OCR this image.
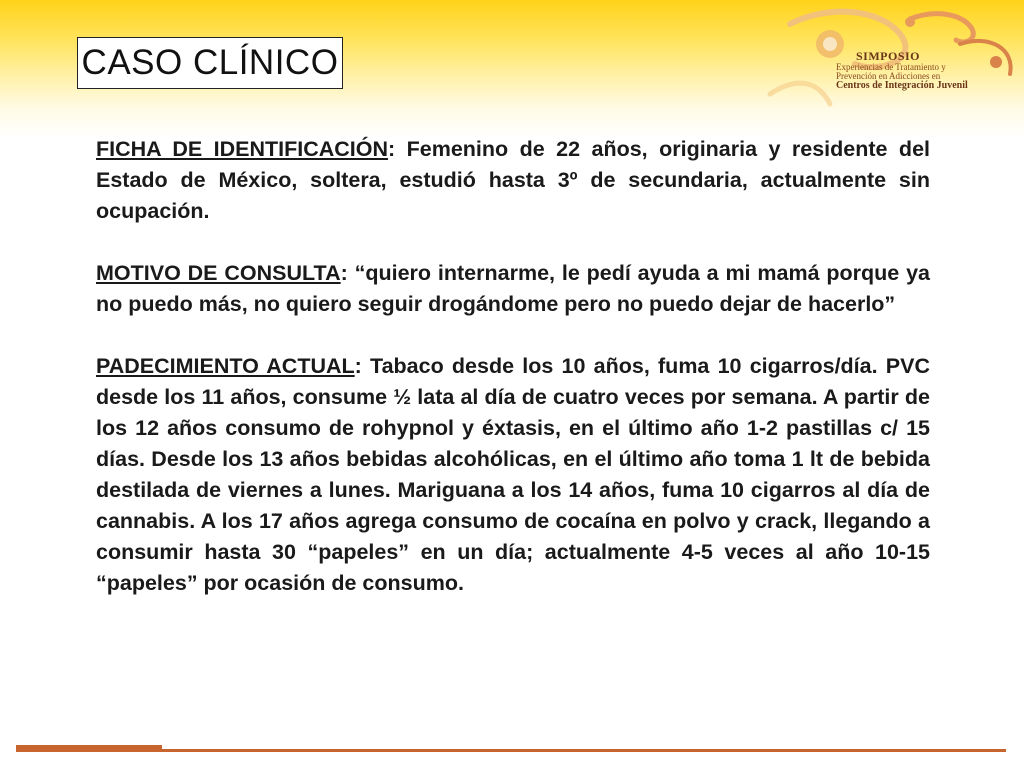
SIMPOSIO
Experiencias de Tratamiento y
Prevención en Adicciones en
Centros de Integración Juvenil
CASO CLÍNICO

FICHA DE IDENTIFICACIÓN: Femenino de 22 años, originaria y residente del Estado de México, soltera, estudió hasta 3º de secundaria, actualmente sin ocupación.

MOTIVO DE CONSULTA: “quiero internarme, le pedí ayuda a mi mamá porque ya no puedo más, no quiero seguir drogándome pero no puedo dejar de hacerlo”

PADECIMIENTO ACTUAL: Tabaco desde los 10 años, fuma 10 cigarros/día. PVC desde los 11 años, consume ½ lata al día de cuatro veces por semana. A partir de los 12 años consumo de rohypnol y éxtasis, en el último año 1-2 pastillas c/ 15 días. Desde los 13 años bebidas alcohólicas, en el último año toma 1 lt de bebida destilada de viernes a lunes. Mariguana a los 14 años, fuma 10 cigarros al día de cannabis. A los 17 años agrega consumo de cocaína en polvo y crack, llegando a consumir hasta 30 “papeles” en un día; actualmente 4-5 veces al año 10-15 “papeles” por ocasión de consumo.
